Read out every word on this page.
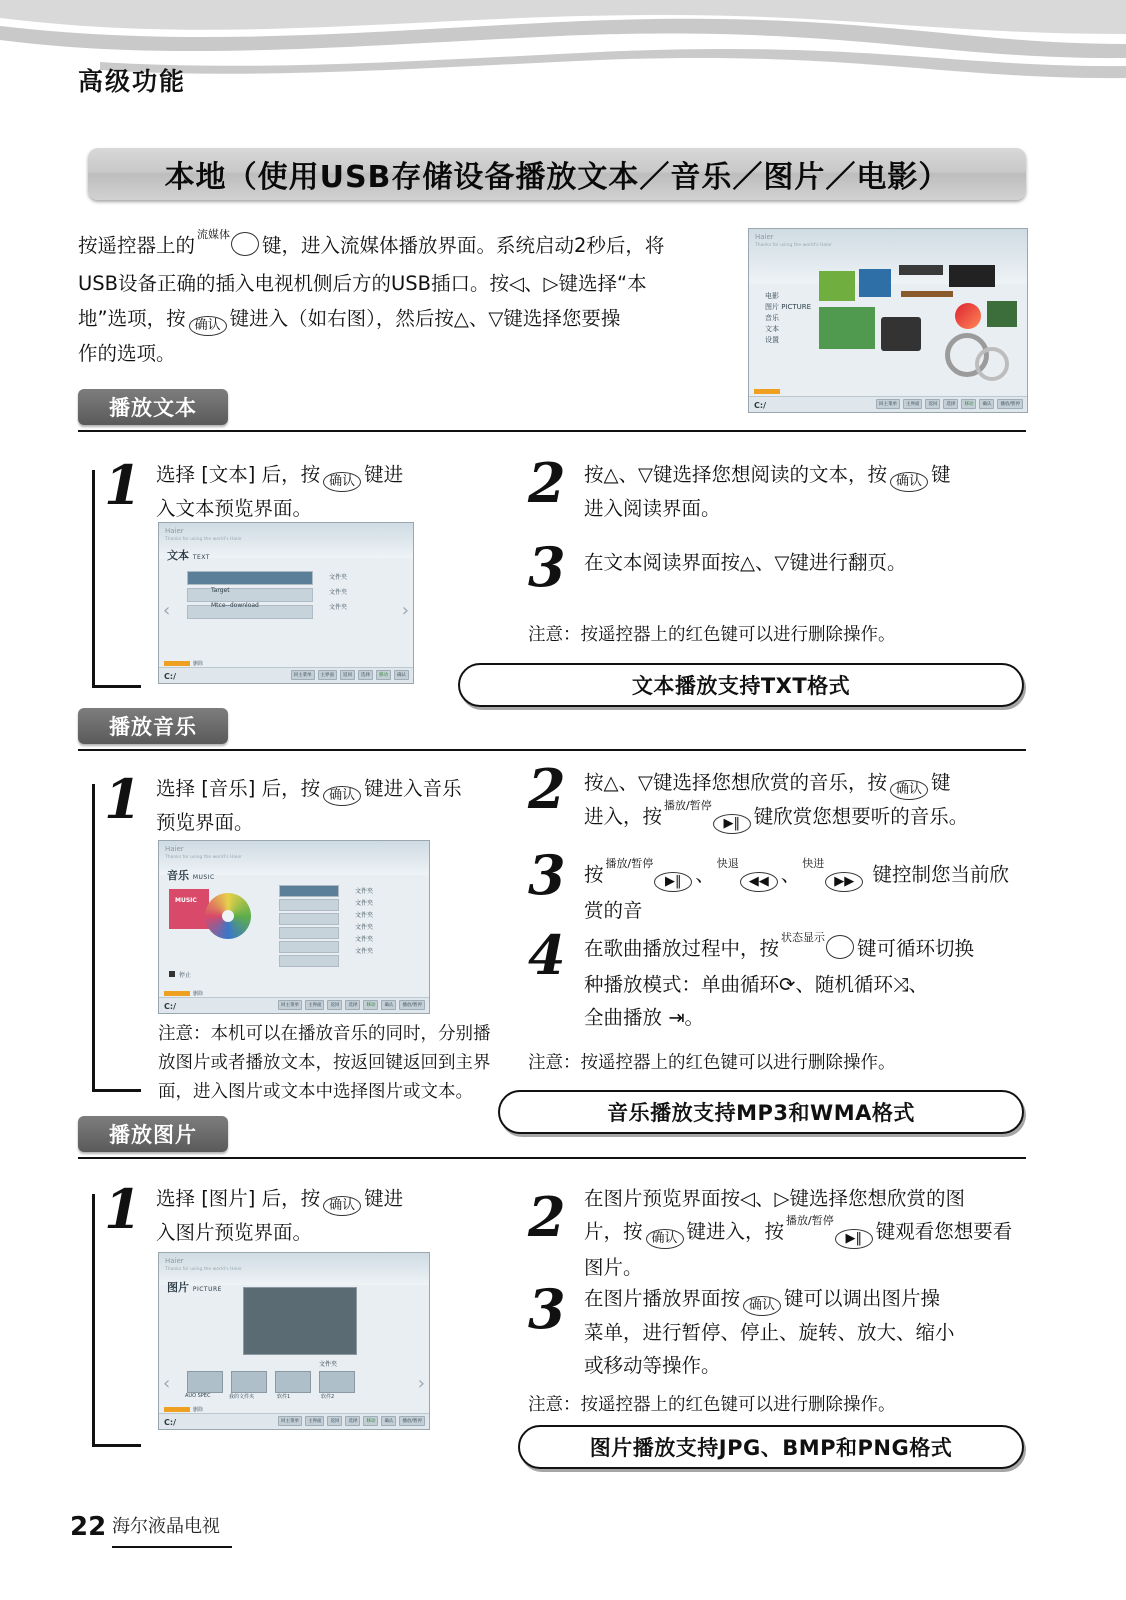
高级功能
本地（使用USB存储设备播放文本／音乐／图片／电影）
按遥控器上的 $^{流媒体}$ 键，进入流媒体播放界面。系统启动2秒后，将
USB设备正确的插入电视机侧后方的USB插口。按◁、▷键选择“本
地”选项，按 确认 键进入（如右图），然后按△、▽键选择您要操
作的选项。
Haier
Thanks for using the world's Haier
电影
图片 PICTURE
音乐
文本
设置
C:/	回主菜单	主界面	返回	选择	移动	确认	播放/暂停
播放文本
1 选择 [文本] 后，按 确认 键进
入文本预览界面。
Haier
Thanks for using the world's Haier
文本 TEXT
Target
Mtce--download
文件夹
文件夹
文件夹
‹	›
删除
C:/	回主菜单	主界面	返回	选择	移动	确认
2 按△、▽键选择您想阅读的文本，按 确认 键
进入阅读界面。
3 在文本阅读界面按△、▽键进行翻页。
注意：按遥控器上的红色键可以进行删除操作。
文本播放支持TXT格式
播放音乐
1 选择 [音乐] 后，按 确认 键进入音乐
预览界面。
Haier
Thanks for using the world's Haier
音乐 MUSIC
MUSIC
文件夹
文件夹
文件夹
文件夹
文件夹
文件夹
停止
删除
C:/	回主菜单	主界面	返回	选择	移动	确认	播放/暂停
注意：本机可以在播放音乐的同时，分别播放图片或者播放文本，按返回键返回到主界面，进入图片或文本中选择图片或文本。
2 按△、▽键选择您想欣赏的音乐，按 确认 键
进入，按 $^{播放/暂停}$▶‖ 键欣赏您想要听的音乐。
3 按 $^{播放/暂停}$▶‖ 、 $^{快退}$◀◀ 、 $^{快进}$▶▶ 键控制您当前欣赏的音
4 在歌曲播放过程中，按 $^{状态显示}$ 键可循环切换
种播放模式：单曲循环⟳、随机循环⤨、
全曲播放 ⇥。
注意：按遥控器上的红色键可以进行删除操作。
音乐播放支持MP3和WMA格式
播放图片
1 选择 [图片] 后，按 确认 键进
入图片预览界面。
Haier
Thanks for using the world's Haier
图片 PICTURE
文件夹
AUO SPEC	我的文件夹	软件1	软件2
‹	›
删除
C:/	回主菜单	主界面	返回	选择	移动	确认	播放/暂停
2 在图片预览界面按◁、▷键选择您想欣赏的图
片，按 确认 键进入，按 $^{播放/暂停}$▶‖ 键观看您想要看
图片。
3 在图片播放界面按 确认 键可以调出图片操
菜单，进行暂停、停止、旋转、放大、缩小
或移动等操作。
注意：按遥控器上的红色键可以进行删除操作。
图片播放支持JPG、BMP和PNG格式
22 海尔液晶电视
